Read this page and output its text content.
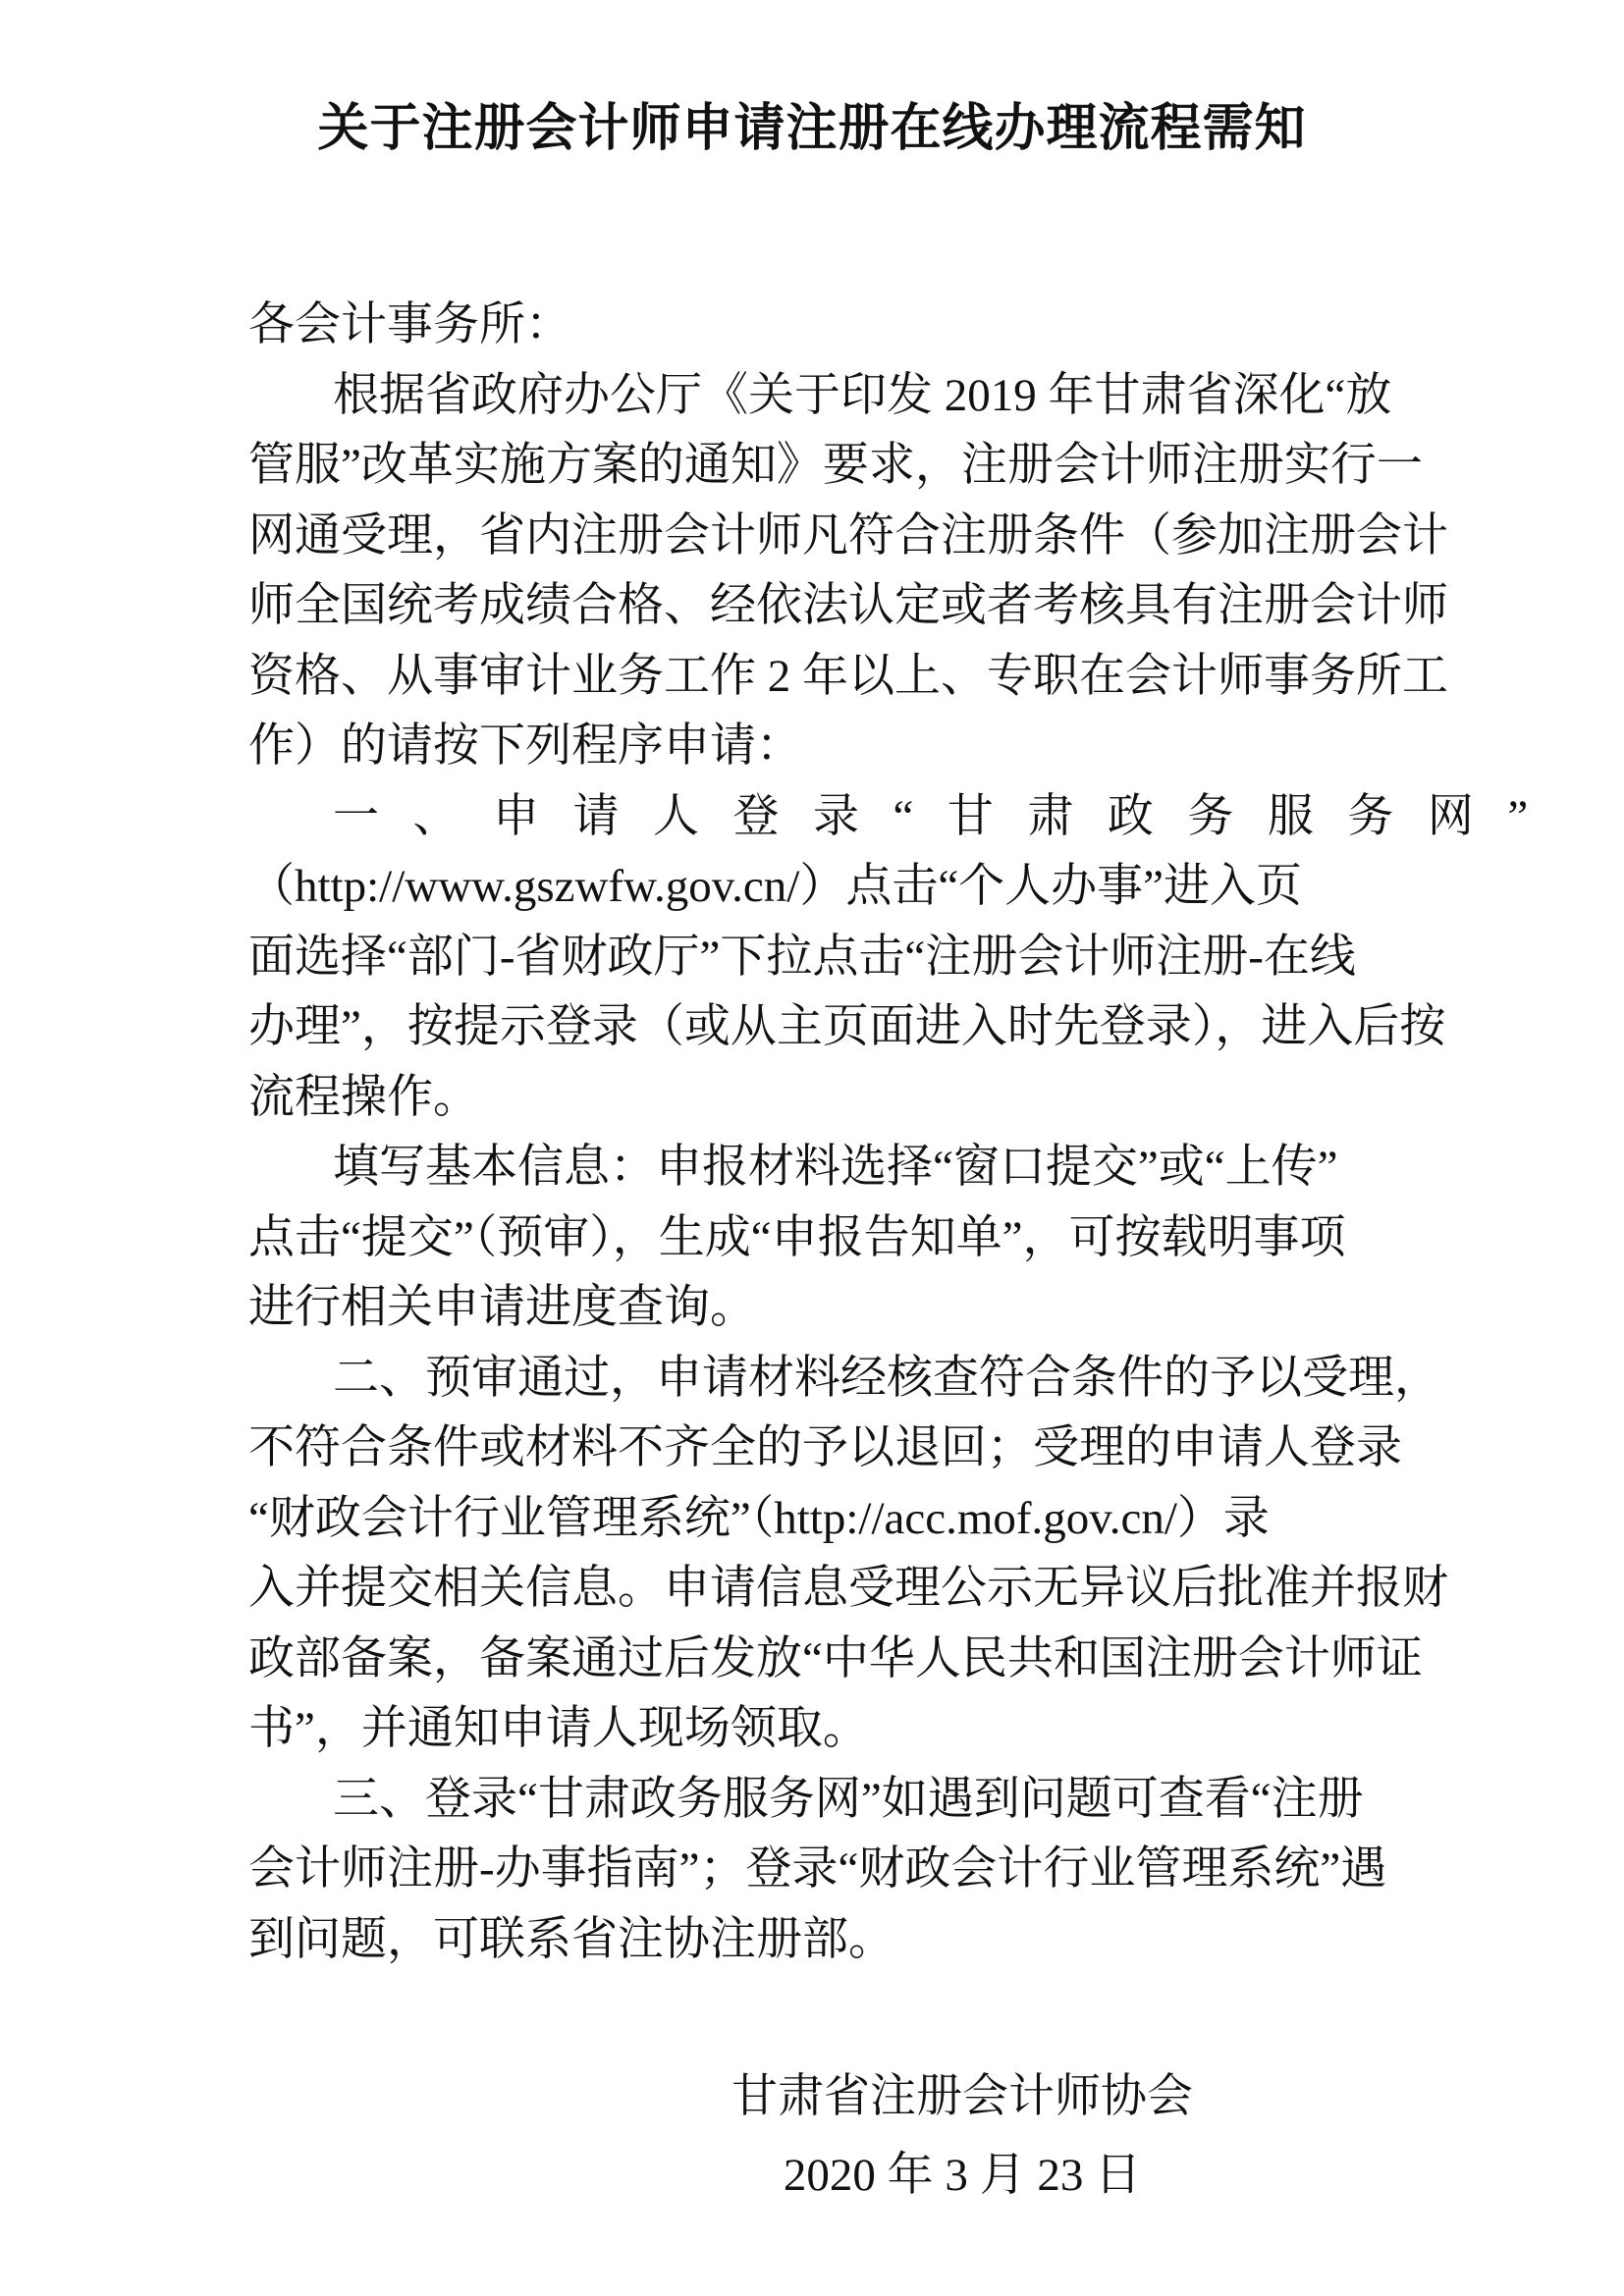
关于注册会计师申请注册在线办理流程需知
各会计事务所：
根据省政府办公厅《关于印发 2019 年甘肃省深化“放
管服”改革实施方案的通知》要求，注册会计师注册实行一
网通受理，省内注册会计师凡符合注册条件（参加注册会计
师全国统考成绩合格、经依法认定或者考核具有注册会计师
资格、从事审计业务工作 2 年以上、专职在会计师事务所工
作）的请按下列程序申请：
一、申请人登录“甘肃政务服务网”
（http://www.gszwfw.gov.cn/）点击“个人办事”进入页
面选择“部门-省财政厅”下拉点击“注册会计师注册-在线
办理”，按提示登录（或从主页面进入时先登录），进入后按
流程操作。
填写基本信息：申报材料选择“窗口提交”或“上传”
点击“提交”（预审），生成“申报告知单”，可按载明事项
进行相关申请进度查询。
二、预审通过，申请材料经核查符合条件的予以受理，
不符合条件或材料不齐全的予以退回；受理的申请人登录
“财政会计行业管理系统”（http://acc.mof.gov.cn/）录
入并提交相关信息。申请信息受理公示无异议后批准并报财
政部备案，备案通过后发放“中华人民共和国注册会计师证
书”，并通知申请人现场领取。
三、登录“甘肃政务服务网”如遇到问题可查看“注册
会计师注册-办事指南”；登录“财政会计行业管理系统”遇
到问题，可联系省注协注册部。
甘肃省注册会计师协会
2020 年 3 月 23 日
